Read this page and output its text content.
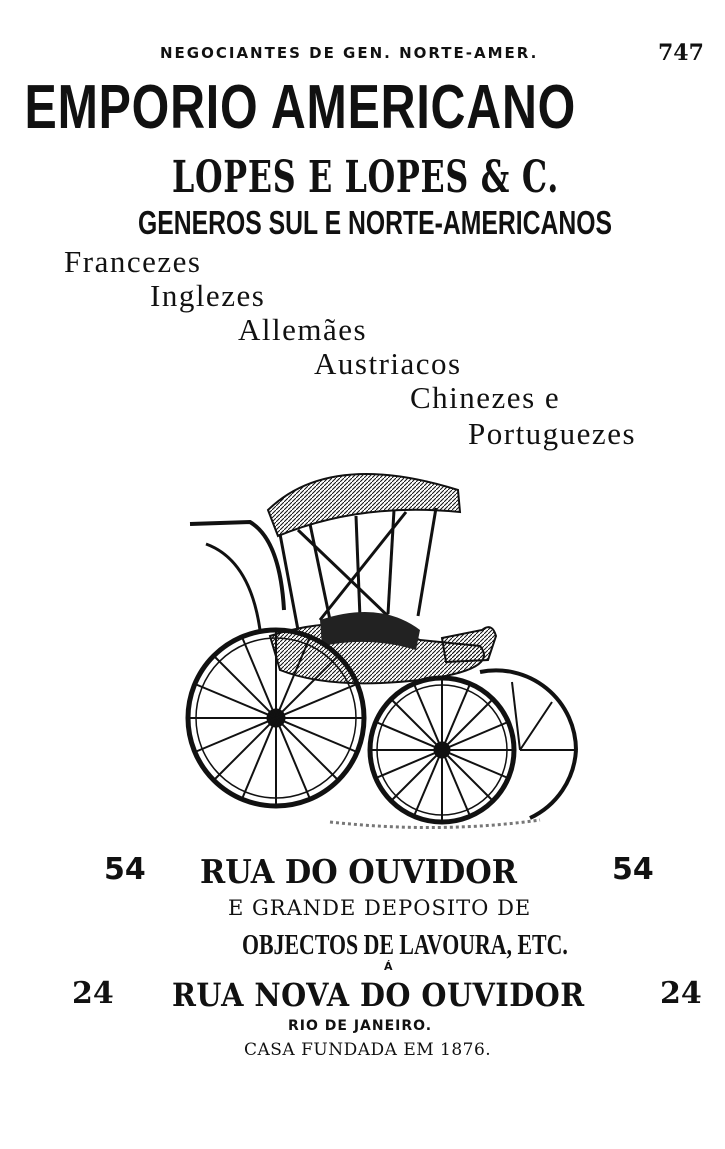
NEGOCIANTES DE GEN. NORTE-AMER.	747
EMPORIO AMERICANO
LOPES E LOPES & C.
GENEROS SUL E NORTE-AMERICANOS
Francezes
Inglezes
Allemães
Austriacos
Chinezes e
Portuguezes
54 RUA DO OUVIDOR	54
E GRANDE DEPOSITO DE
OBJECTOS DE LAVOURA, ETC.
Á
24 RUA NOVA DO OUVIDOR	24
RIO DE JANEIRO.
CASA FUNDADA EM 1876.
